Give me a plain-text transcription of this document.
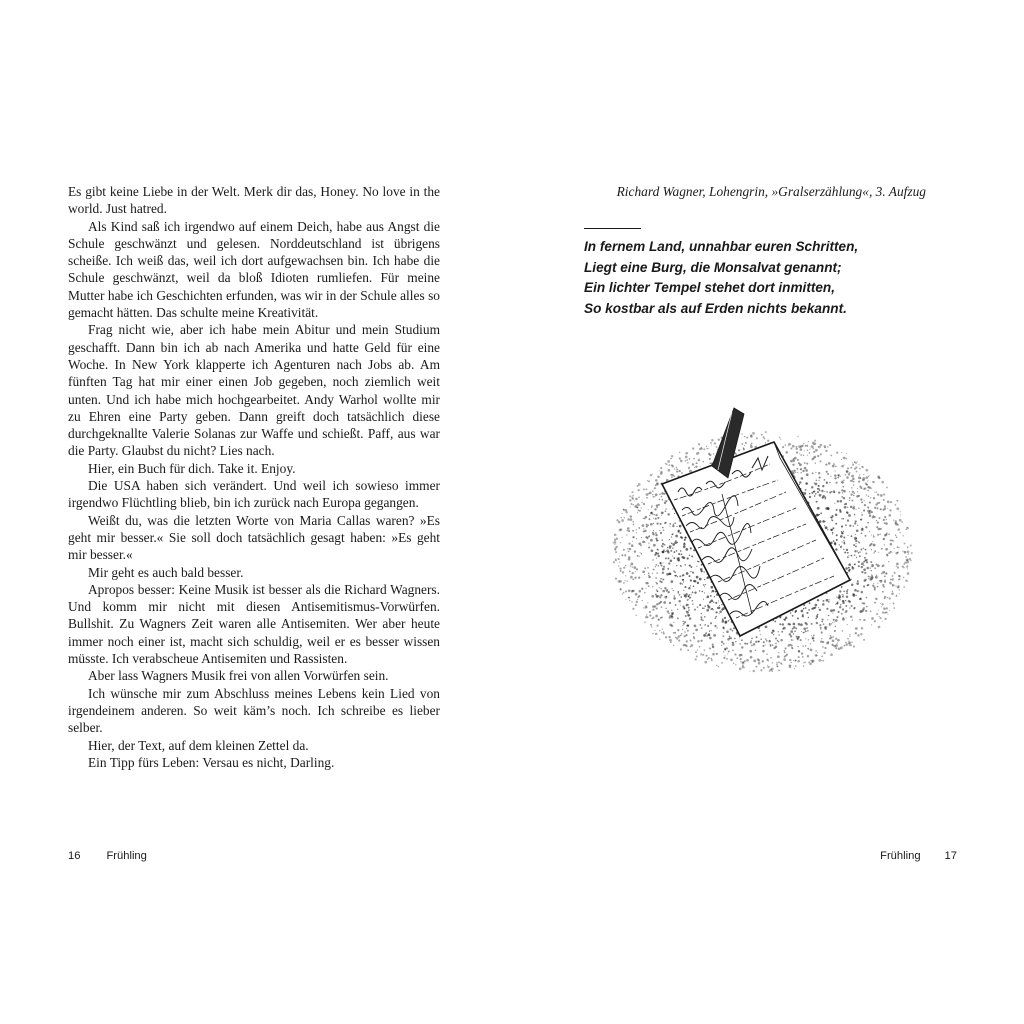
Es gibt keine Liebe in der Welt. Merk dir das, Honey. No love in the world. Just hatred.

Als Kind saß ich irgendwo auf einem Deich, habe aus Angst die Schule geschwänzt und gelesen. Norddeutschland ist übrigens scheiße. Ich weiß das, weil ich dort aufgewachsen bin. Ich habe die Schule geschwänzt, weil da bloß Idioten rumliefen. Für meine Mutter habe ich Geschichten erfunden, was wir in der Schule alles so gemacht hätten. Das schulte meine Kreativität.

Frag nicht wie, aber ich habe mein Abitur und mein Studium geschafft. Dann bin ich ab nach Amerika und hatte Geld für eine Woche. In New York klapperte ich Agenturen nach Jobs ab. Am fünften Tag hat mir einer einen Job gegeben, noch ziemlich weit unten. Und ich habe mich hochgearbeitet. Andy Warhol wollte mir zu Ehren eine Party geben. Dann greift doch tatsächlich diese durchgeknallte Valerie Solanas zur Waffe und schießt. Paff, aus war die Party. Glaubst du nicht? Lies nach.

Hier, ein Buch für dich. Take it. Enjoy.

Die USA haben sich verändert. Und weil ich sowieso immer irgendwo Flüchtling blieb, bin ich zurück nach Europa gegangen.

Weißt du, was die letzten Worte von Maria Callas waren? »Es geht mir besser.« Sie soll doch tatsächlich gesagt haben: »Es geht mir besser.«

Mir geht es auch bald besser.

Apropos besser: Keine Musik ist besser als die Richard Wagners. Und komm mir nicht mit diesen Antisemitismus-Vorwürfen. Bullshit. Zu Wagners Zeit waren alle Antisemiten. Wer aber heute immer noch einer ist, macht sich schuldig, weil er es besser wissen müsste. Ich verabscheue Antisemiten und Rassisten.

Aber lass Wagners Musik frei von allen Vorwürfen sein.

Ich wünsche mir zum Abschluss meines Lebens kein Lied von irgendeinem anderen. So weit käm’s noch. Ich schreibe es lieber selber.

Hier, der Text, auf dem kleinen Zettel da.

Ein Tipp fürs Leben: Versau es nicht, Darling.

16 Frühling
Richard Wagner, Lohengrin, »Gralserzählung«, 3. Aufzug
In fernem Land, unnahbar euren Schritten,
Liegt eine Burg, die Monsalvat genannt;
Ein lichter Tempel stehet dort inmitten,
So kostbar als auf Erden nichts bekannt.
Frühling 17
